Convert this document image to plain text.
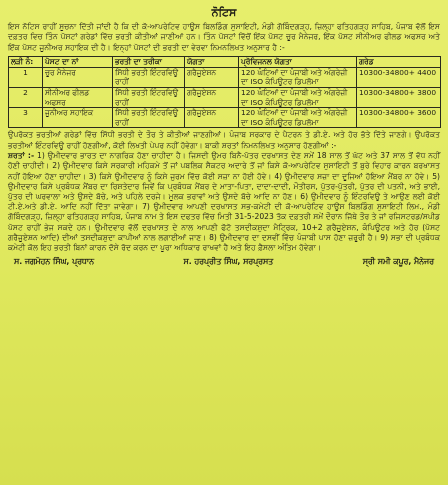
ਨੋਟਿਸ

ਇਸ ਨੋਟਿਸ ਰਾਹੀਂ ਸੂਚਨਾ ਦਿੱਤੀ ਜਾਂਦੀ ਹੈ ਕਿ ਦੀ ਕੋ-ਆਪਰੇਟਿਵ ਹਾਊਸ ਬਿਲਡਿੰਗ ਸੁਸਾਇਟੀ, ਮੰਡੀ ਗੋਬਿੰਦਗੜ੍ਹ, ਜ਼ਿਲ੍ਹਾ ਫਤਿਹਗੜ੍ਹ ਸਾਹਿਬ, ਪੰਜਾਬ ਵੱਲੋਂ ਇਸ ਦਫ਼ਤਰ ਵਿਚ ਤਿੰਨ ਪੋਸਟਾਂ ਗਰੇਡਾਂ ਵਿੱਚ ਭਰਤੀ ਕੀਤੀਆਂ ਜਾਣੀਆਂ ਹਨ। ਤਿੰਨ ਪੋਸਟਾਂ ਵਿੱਚੋਂ ਇੱਕ ਪੋਸਟ ਚੂਰ ਮੈਨੇਜਰ, ਇੱਕ ਪੋਸਟ ਸੀਨੀਅਰ ਫੀਲਡ ਅਫਸਰ ਅਤੇ ਇੱਕ ਪੋਸਟ ਜੂਨੀਅਰ ਸਹਾਇਕ ਦੀ ਹੈ। ਇਨ੍ਹਾਂ ਪੋਸਟਾਂ ਦੀ ਭਰਤੀ ਦਾ ਵੇਰਵਾ ਨਿਮਨਲਿਖਤ ਅਨੁਸਾਰ ਹੈ :-

ਲੜੀ ਨੰ:	ਪੋਸਟ ਦਾ ਨਾਂ	ਭਰਤੀ ਦਾ ਤਰੀਕਾ	ਯੋਗਤਾ	ਪ੍ਰੋਵਿਜਨਲ ਯੋਗਤਾ	ਗਰੇਡ
1	ਚੂਰ ਮੈਨੇਜਰ	ਸਿੱਧੀ ਭਰਤੀ ਇੰਟਰਵਿਊ ਰਾਹੀਂ	ਗਰੈਜੂਏਸ਼ਨ	120 ਘੰਟਿਆਂ ਦਾ ਪੰਜਾਬੀ ਅਤੇ ਅੰਗਰੇਜ਼ੀ ਦਾ ISO ਕੰਪਿਊਟਰ ਡਿਪਲੋਮਾ	10300-34800+ 4400
2	ਸੀਨੀਅਰ ਫੀਲਡ ਅਫਸਰ	ਸਿੱਧੀ ਭਰਤੀ ਇੰਟਰਵਿਊ ਰਾਹੀਂ	ਗਰੈਜੂਏਸ਼ਨ	120 ਘੰਟਿਆਂ ਦਾ ਪੰਜਾਬੀ ਅਤੇ ਅੰਗਰੇਜ਼ੀ ਦਾ ISO ਕੰਪਿਊਟਰ ਡਿਪਲੋਮਾ	10300-34800+ 3800
3	ਜੂਨੀਅਰ ਸਹਾਇਕ	ਸਿੱਧੀ ਭਰਤੀ ਇੰਟਰਵਿਊ ਰਾਹੀਂ	ਗਰੈਜੂਏਸ਼ਨ	120 ਘੰਟਿਆਂ ਦਾ ਪੰਜਾਬੀ ਅਤੇ ਅੰਗਰੇਜ਼ੀ ਦਾ ISO ਕੰਪਿਊਟਰ ਡਿਪਲੋਮਾ	10300-34800+ 3600

ਉਪਰੋਕਤ ਭਰਤੀਆਂ ਗਰੇਡਾਂ ਵਿੱਚ ਸਿੱਧੀ ਭਰਤੀ ਦੇ ਤੌਰ ਤੇ ਕੀਤੀਆਂ ਜਾਣਗੀਆਂ। ਪੰਜਾਬ ਸਰਕਾਰ ਦੇ ਪੈਟਰਨ ਤੇ ਡੀ.ਏ. ਅਤੇ ਹੋਰ ਭੱਤੇ ਦਿੱਤੇ ਜਾਣਗੇ। ਉਪਰੋਕਤ ਭਰਤੀਆਂ ਇੰਟਰਵਿਊ ਰਾਹੀਂ ਹੋਣਗੀਆਂ, ਕੋਈ ਲਿਖਤੀ ਪੇਪਰ ਨਹੀਂ ਹੋਵੇਗਾ। ਬਾਕੀ ਸ਼ਰਤਾਂ ਨਿਮਨਲਿਖਤ ਅਨੁਸਾਰ ਹੋਣਗੀਆਂ :-

ਸ਼ਰਤਾਂ :- 1) ਉਮੀਦਵਾਰ ਭਾਰਤ ਦਾ ਨਾਗਰਿਕ ਹੋਣਾ ਚਾਹੀਦਾ ਹੈ। ਜਿਸਦੀ ਉਮਰ ਬਿਨੈ-ਪੱਤਰ ਦਰਖਾਸਤ ਦੇਣ ਸਮੇਂ 18 ਸਾਲ ਤੋਂ ਘੱਟ ਅਤੇ 37 ਸਾਲ ਤੋਂ ਵੱਧ ਨਹੀਂ ਹੋਣੀ ਚਾਹੀਦੀ। 2) ਉਮੀਦਵਾਰ ਕਿਸੇ ਸਰਕਾਰੀ ਮਹਿਕਮੇ ਤੋਂ ਜਾਂ ਪਬਲਿਕ ਸੈਕਟਰ ਅਦਾਰੇ ਤੋਂ ਜਾਂ ਕਿਸੇ ਕੋ-ਆਪਰੇਟਿਵ ਸੁਸਾਇਟੀ ਤੋਂ ਬੁਰੇ ਵਿਹਾਰ ਕਾਰਨ ਬਰਖਾਸਤ ਨਹੀਂ ਹੋਇਆ ਹੋਣਾ ਚਾਹੀਦਾ। 3) ਕਿਸੇ ਉਮੀਦਵਾਰ ਨੂੰ ਕਿਸੇ ਜੁਰਮ ਵਿੱਚ ਕੋਈ ਸਜ਼ਾ ਨਾ ਹੋਈ ਹੋਵੇ। 4) ਉਮੀਦਵਾਰ ਸਜ਼ਾ ਦਾ ਦੂਜਿਆਂ ਹੋਇਆ ਮੈਂਬਰ ਨਾ ਹੋਵੇ। 5) ਉਮੀਦਵਾਰ ਕਿਸੇ ਪ੍ਰਬੰਧਕ ਮੈਂਬਰ ਦਾ ਰਿਸ਼ਤੇਦਾਰ ਜਿਵੇਂ ਕਿ ਪ੍ਰਬੰਧਕ ਮੈਂਬਰ ਦੇ ਮਾਤਾ-ਪਿਤਾ, ਦਾਦਾ-ਦਾਦੀ, ਮੌਤੀਰਸ, ਪੁੱਤਰ-ਪੁੱਤਰੀ, ਪੁੱਤਰ ਦੀ ਪਤਨੀ, ਅਤੇ ਭਾਈ, ਪੁੱਤਰ ਦੀ ਘਰਵਾਲਾ ਅਤੇ ਉਸਦੇ ਬੱਚੇ, ਅਤੇ ਪਹਿਲੇ ਦਰਜੇ। ਮੂਲਕ ਭਰਾਵਾਂ ਅਤੇ ਉਸਦੇ ਬੱਚੇ ਆਦਿ ਨਾ ਹੋਣ। 6) ਉਮੀਦਵਾਰ ਨੂੰ ਇੰਟਰਵਿਊ ਤੇ ਆਉਣ ਲਈ ਕੋਈ ਟੀ.ਏ.ਅਤੇ ਡੀ.ਏ. ਆਦਿ ਨਹੀਂ ਦਿੱਤਾ ਜਾਵੇਗਾ। 7) ਉਮੀਦਵਾਰ ਆਪਣੀ ਦਰਖਾਸਤ ਸਭ-ਕਮੇਟੀ ਦੀ ਕੋ-ਆਪਰੇਟਿਵ ਹਾਊਸ ਬਿਲਡਿੰਗ ਸੁਸਾਇਟੀ ਲਿਮ., ਮੰਡੀ ਗੋਬਿੰਦਗੜ੍ਹ, ਜ਼ਿਲ੍ਹਾ ਫਤਿਹਗੜ੍ਹ ਸਾਹਿਬ, ਪੰਜਾਬ ਨਾਮ ਤੇ ਇਸ ਦਫਤਰ ਵਿੱਚ ਮਿਤੀ 31-5-2023 ਤੱਕ ਦਫ਼ਤਰੀ ਸਮੇਂ ਦੌਰਾਨ ਜਿੱਥੇ ਤੌਰ ਤੇ ਜਾਂ ਰਜਿਸਟਰਡ/ਸਪੀਡ ਪੋਸਟ ਰਾਹੀਂ ਭੇਜ ਸਕਦੇ ਹਨ। ਉਮੀਦਵਾਰ ਵੱਲੋਂ ਦਰਖਾਸਤ ਦੇ ਨਾਲ ਆਪਣੀ ਫੋਟੋ ਤਸਦੀਕਸ਼ੁਦਾ ਮੈਟ੍ਰਿਕ, 10+2 ਗਰੈਜੂਏਸ਼ਨ, ਕੰਪਿਊਟਰ ਅਤੇ ਹੋਰ (ਪੋਸਟ ਗਰੈਜੂਏਸ਼ਨ ਆਦਿ) ਦੀਆਂ ਤਸਦੀਕਸ਼ੁਦਾ ਕਾਪੀਆਂ ਨਾਲ ਲਗਾਈਆਂ ਜਾਣ। 8) ਉਮੀਦਵਾਰ ਦਾ ਦਸਵੀਂ ਵਿੱਚ ਪੰਜਾਬੀ ਪਾਸ ਹੋਣਾ ਜ਼ਰੂਰੀ ਹੈ। 9) ਸਭਾ ਦੀ ਪ੍ਰਬੰਧਕ ਕਮੇਟੀ ਕੋਲ ਇਹ ਭਰਤੀ ਬਿਨਾਂ ਕਾਰਨ ਦੱਸੇ ਰੱਦ ਕਰਨ ਦਾ ਪੂਰਾ ਅਧਿਕਾਰ ਰਾਖਵਾਂ ਹੈ ਅਤੇ ਇਹ ਫ਼ੈਸਲਾ ਅੰਤਿਮ ਹੋਵੇਗਾ।

ਸ. ਜਗਮੋਹਨ ਸਿੰਘ, ਪ੍ਰਧਾਨ	ਸ. ਹਰਪ੍ਰੀਤ ਸਿੰਘ, ਸਰਪ੍ਰਸਤ	ਸ੍ਰੀ ਸਮੀ ਕਪੂਰ, ਮੈਨੇਜਰ
